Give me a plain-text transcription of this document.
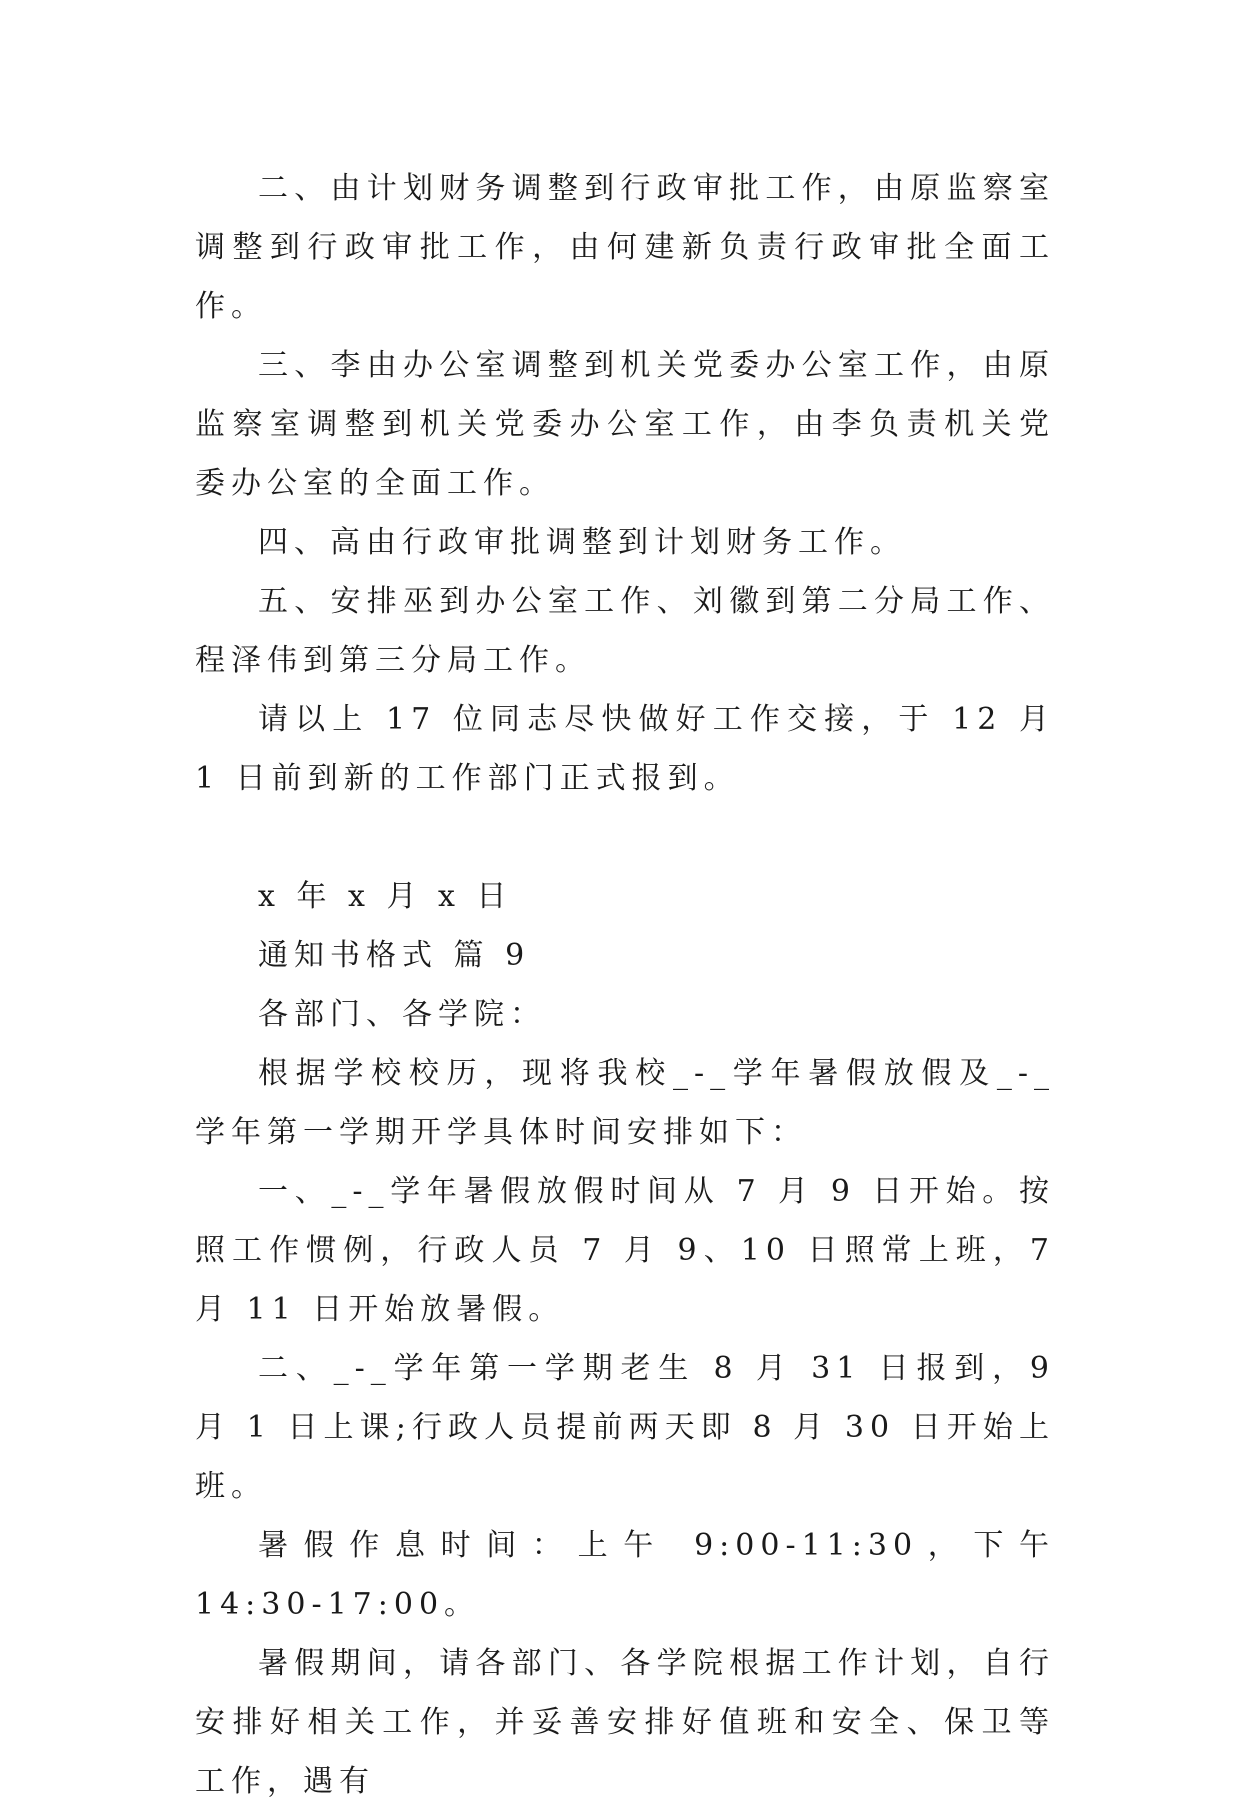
二、由计划财务调整到行政审批工作，由原监察室调整到行政审批工作，由何建新负责行政审批全面工作。

三、李由办公室调整到机关党委办公室工作，由原监察室调整到机关党委办公室工作，由李负责机关党委办公室的全面工作。

四、高由行政审批调整到计划财务工作。

五、安排巫到办公室工作、刘徽到第二分局工作、程泽伟到第三分局工作。

请以上 17 位同志尽快做好工作交接，于 12 月 1 日前到新的工作部门正式报到。

x 年 x 月 x 日

通知书格式 篇 9

各部门、各学院：

根据学校校历，现将我校_-_学年暑假放假及_-_学年第一学期开学具体时间安排如下：

一、_-_学年暑假放假时间从 7 月 9 日开始。按照工作惯例，行政人员 7 月 9、10 日照常上班，7 月 11 日开始放暑假。

二、_-_学年第一学期老生 8 月 31 日报到，9 月 1 日上课;行政人员提前两天即 8 月 30 日开始上班。

暑假作息时间：上午 9:00-11:30，下午 14:30-17:00。

暑假期间，请各部门、各学院根据工作计划，自行安排好相关工作，并妥善安排好值班和安全、保卫等工作，遇有
